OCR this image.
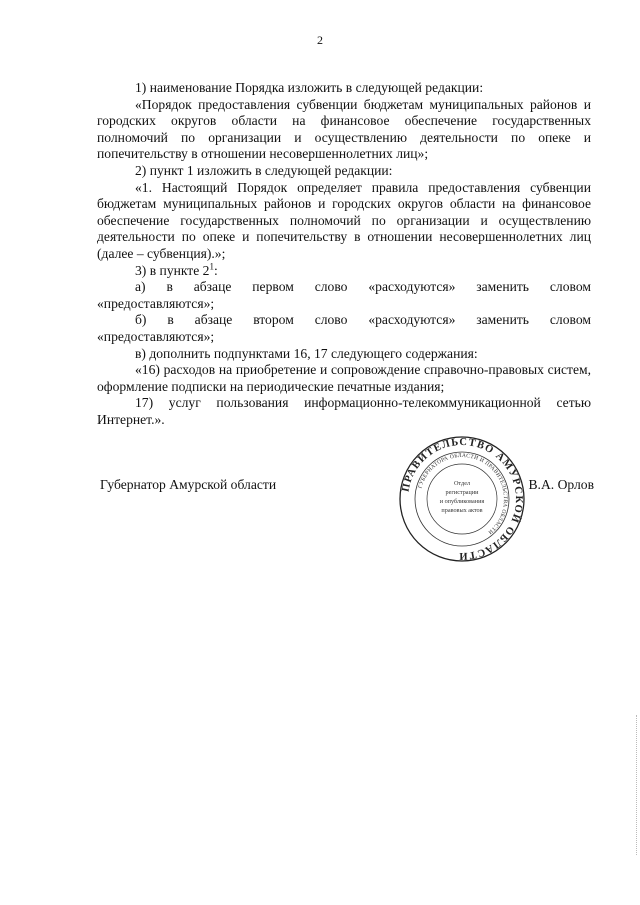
2

1) наименование Порядка изложить в следующей редакции:

«Порядок предоставления субвенции бюджетам муниципальных районов и городских округов области на финансовое обеспечение государственных полномочий по организации и осуществлению деятельности по опеке и попечительству в отношении несовершеннолетних лиц»;

2) пункт 1 изложить в следующей редакции:

«1. Настоящий Порядок определяет правила предоставления субвенции бюджетам муниципальных районов и городских округов области на финансовое обеспечение государственных полномочий по организации и осуществлению деятельности по опеке и попечительству в отношении несовершеннолетних лиц (далее – субвенция).»;

3) в пункте $2^1$:

а) в абзаце первом слово «расходуются» заменить словом

«предоставляются»;

б) в абзаце втором слово «расходуются» заменить словом

«предоставляются»;

в) дополнить подпунктами 16, 17 следующего содержания:

«16) расходов на приобретение и сопровождение справочно-правовых систем, оформление подписки на периодические печатные издания;

17) услуг пользования информационно-телекоммуникационной сетью Интернет.».

Губернатор Амурской области	В.А. Орлов
ПРАВИТЕЛЬСТВО АМУРСКОЙ ОБЛАСТИ
ГУБЕРНАТОРА ОБЛАСТИ И ПРАВИТЕЛЬСТВА ОБЛАСТИ
Отдел
регистрации
и опубликования
правовых актов
